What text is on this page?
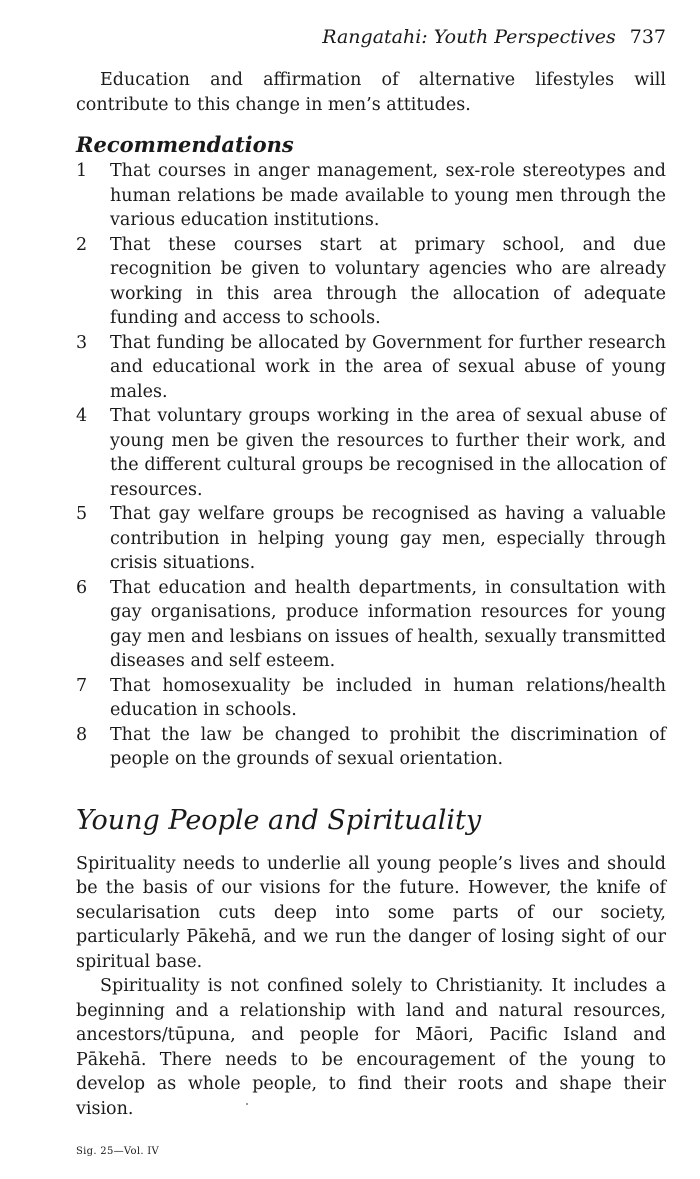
Rangatahi: Youth Perspectives 737

Education and affirmation of alternative lifestyles will contribute to this change in men’s attitudes.

Recommendations
1	That courses in anger management, sex-role stereotypes and human relations be made available to young men through the various education institutions.
2	That these courses start at primary school, and due recognition be given to voluntary agencies who are already working in this area through the allocation of adequate funding and access to schools.
3	That funding be allocated by Government for further research and educational work in the area of sexual abuse of young males.
4	That voluntary groups working in the area of sexual abuse of young men be given the resources to further their work, and the different cultural groups be recognised in the allocation of resources.
5	That gay welfare groups be recognised as having a valuable contribution in helping young gay men, especially through crisis situations.
6	That education and health departments, in consultation with gay organisations, produce information resources for young gay men and lesbians on issues of health, sexually transmitted diseases and self esteem.
7	That homosexuality be included in human relations/health education in schools.
8	That the law be changed to prohibit the discrimination of people on the grounds of sexual orientation.
Young People and Spirituality

Spirituality needs to underlie all young people’s lives and should be the basis of our visions for the future. However, the knife of secularisation cuts deep into some parts of our society, particularly Pākehā, and we run the danger of losing sight of our spiritual base.

Spirituality is not confined solely to Christianity. It includes a beginning and a relationship with land and natural resources, ancestors/tūpuna, and people for Māori, Pacific Island and Pākehā. There needs to be encouragement of the young to develop as whole people, to find their roots and shape their vision.

Sig. 25—Vol. IV
